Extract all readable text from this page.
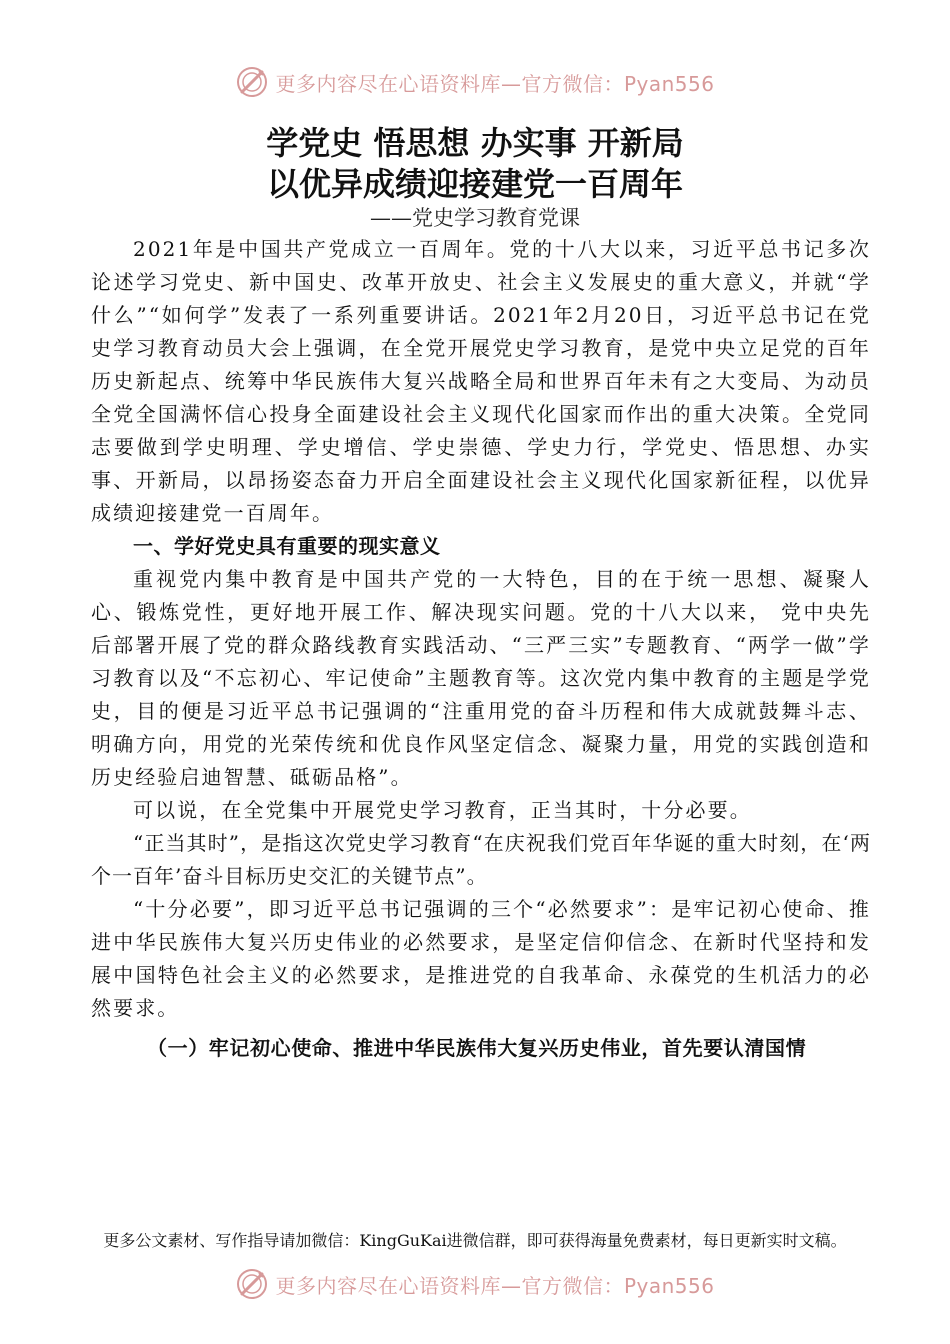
更多内容尽在心语资料库—官方微信：Pyan556
学党史 悟思想 办实事 开新局
以优异成绩迎接建党一百周年
——党史学习教育党课

2021年是中国共产党成立一百周年。党的十八大以来，习近平总书记多次论述学习党史、新中国史、改革开放史、社会主义发展史的重大意义，并就“学什么”“如何学”发表了一系列重要讲话。2021年2月20日，习近平总书记在党史学习教育动员大会上强调，在全党开展党史学习教育，是党中央立足党的百年历史新起点、统筹中华民族伟大复兴战略全局和世界百年未有之大变局、为动员全党全国满怀信心投身全面建设社会主义现代化国家而作出的重大决策。全党同志要做到学史明理、学史增信、学史崇德、学史力行，学党史、悟思想、办实事、开新局，以昂扬姿态奋力开启全面建设社会主义现代化国家新征程，以优异成绩迎接建党一百周年。

一、学好党史具有重要的现实意义

重视党内集中教育是中国共产党的一大特色，目的在于统一思想、凝聚人心、锻炼党性，更好地开展工作、解决现实问题。党的十八大以来， 党中央先后部署开展了党的群众路线教育实践活动、“三严三实”专题教育、“两学一做”学习教育以及“不忘初心、牢记使命”主题教育等。这次党内集中教育的主题是学党史，目的便是习近平总书记强调的“注重用党的奋斗历程和伟大成就鼓舞斗志、明确方向，用党的光荣传统和优良作风坚定信念、凝聚力量，用党的实践创造和历史经验启迪智慧、砥砺品格”。

可以说，在全党集中开展党史学习教育，正当其时，十分必要。

“正当其时”，是指这次党史学习教育“在庆祝我们党百年华诞的重大时刻，在‘两个一百年’奋斗目标历史交汇的关键节点”。

“十分必要”，即习近平总书记强调的三个“必然要求”：是牢记初心使命、推进中华民族伟大复兴历史伟业的必然要求，是坚定信仰信念、在新时代坚持和发展中国特色社会主义的必然要求，是推进党的自我革命、永葆党的生机活力的必然要求。

（一）牢记初心使命、推进中华民族伟大复兴历史伟业，首先要认清国情

更多公文素材、写作指导请加微信：KingGuKai进微信群，即可获得海量免费素材，每日更新实时文稿。
更多内容尽在心语资料库—官方微信：Pyan556
